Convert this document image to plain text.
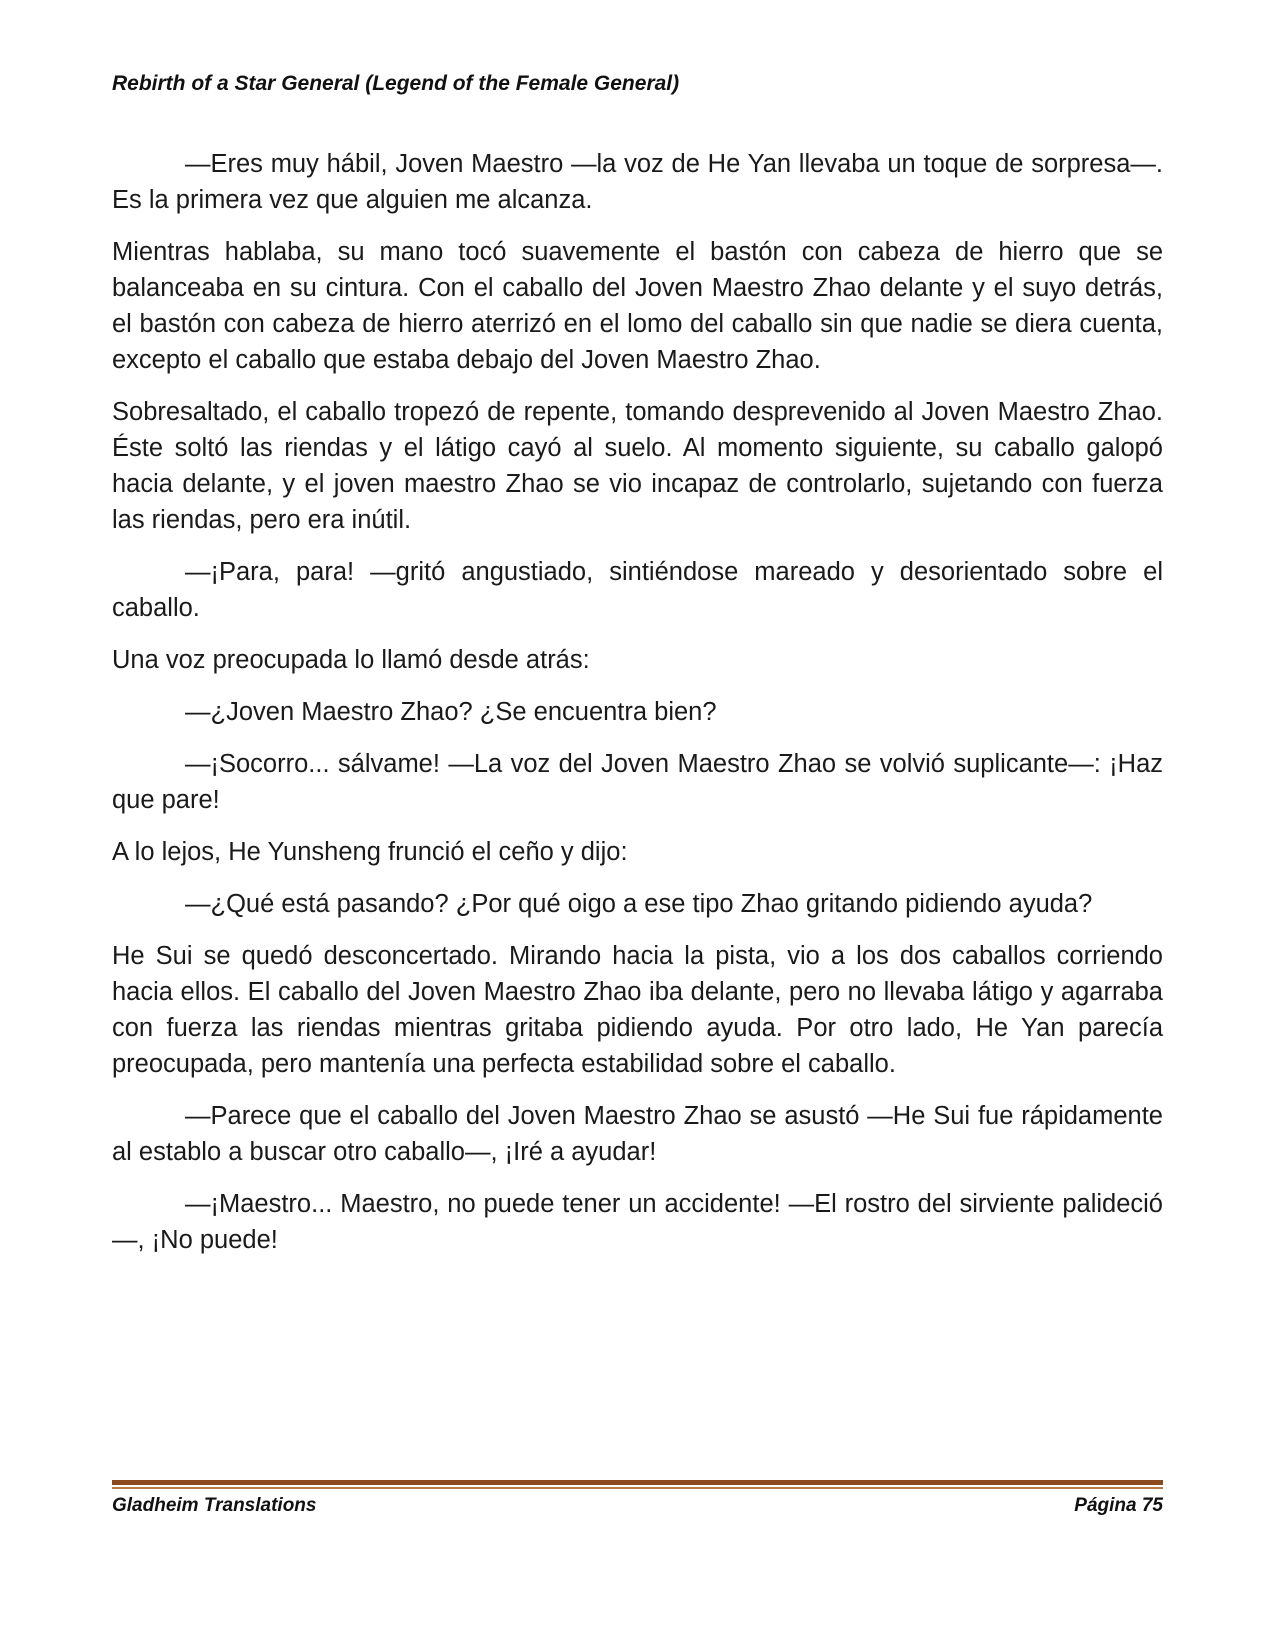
Rebirth of a Star General (Legend of the Female General)

—Eres muy hábil, Joven Maestro —la voz de He Yan llevaba un toque de sorpresa—. Es la primera vez que alguien me alcanza.

Mientras hablaba, su mano tocó suavemente el bastón con cabeza de hierro que se balanceaba en su cintura. Con el caballo del Joven Maestro Zhao delante y el suyo detrás, el bastón con cabeza de hierro aterrizó en el lomo del caballo sin que nadie se diera cuenta, excepto el caballo que estaba debajo del Joven Maestro Zhao.

Sobresaltado, el caballo tropezó de repente, tomando desprevenido al Joven Maestro Zhao. Éste soltó las riendas y el látigo cayó al suelo. Al momento siguiente, su caballo galopó hacia delante, y el joven maestro Zhao se vio incapaz de controlarlo, sujetando con fuerza las riendas, pero era inútil.

—¡Para, para! —gritó angustiado, sintiéndose mareado y desorientado sobre el caballo.

Una voz preocupada lo llamó desde atrás:

—¿Joven Maestro Zhao? ¿Se encuentra bien?

—¡Socorro... sálvame! —La voz del Joven Maestro Zhao se volvió suplicante—: ¡Haz que pare!

A lo lejos, He Yunsheng frunció el ceño y dijo:

—¿Qué está pasando? ¿Por qué oigo a ese tipo Zhao gritando pidiendo ayuda?

He Sui se quedó desconcertado. Mirando hacia la pista, vio a los dos caballos corriendo hacia ellos. El caballo del Joven Maestro Zhao iba delante, pero no llevaba látigo y agarraba con fuerza las riendas mientras gritaba pidiendo ayuda. Por otro lado, He Yan parecía preocupada, pero mantenía una perfecta estabilidad sobre el caballo.

—Parece que el caballo del Joven Maestro Zhao se asustó —He Sui fue rápidamente al establo a buscar otro caballo—, ¡Iré a ayudar!

—¡Maestro... Maestro, no puede tener un accidente! —El rostro del sirviente palideció—, ¡No puede!

Gladheim Translations	Página 75
